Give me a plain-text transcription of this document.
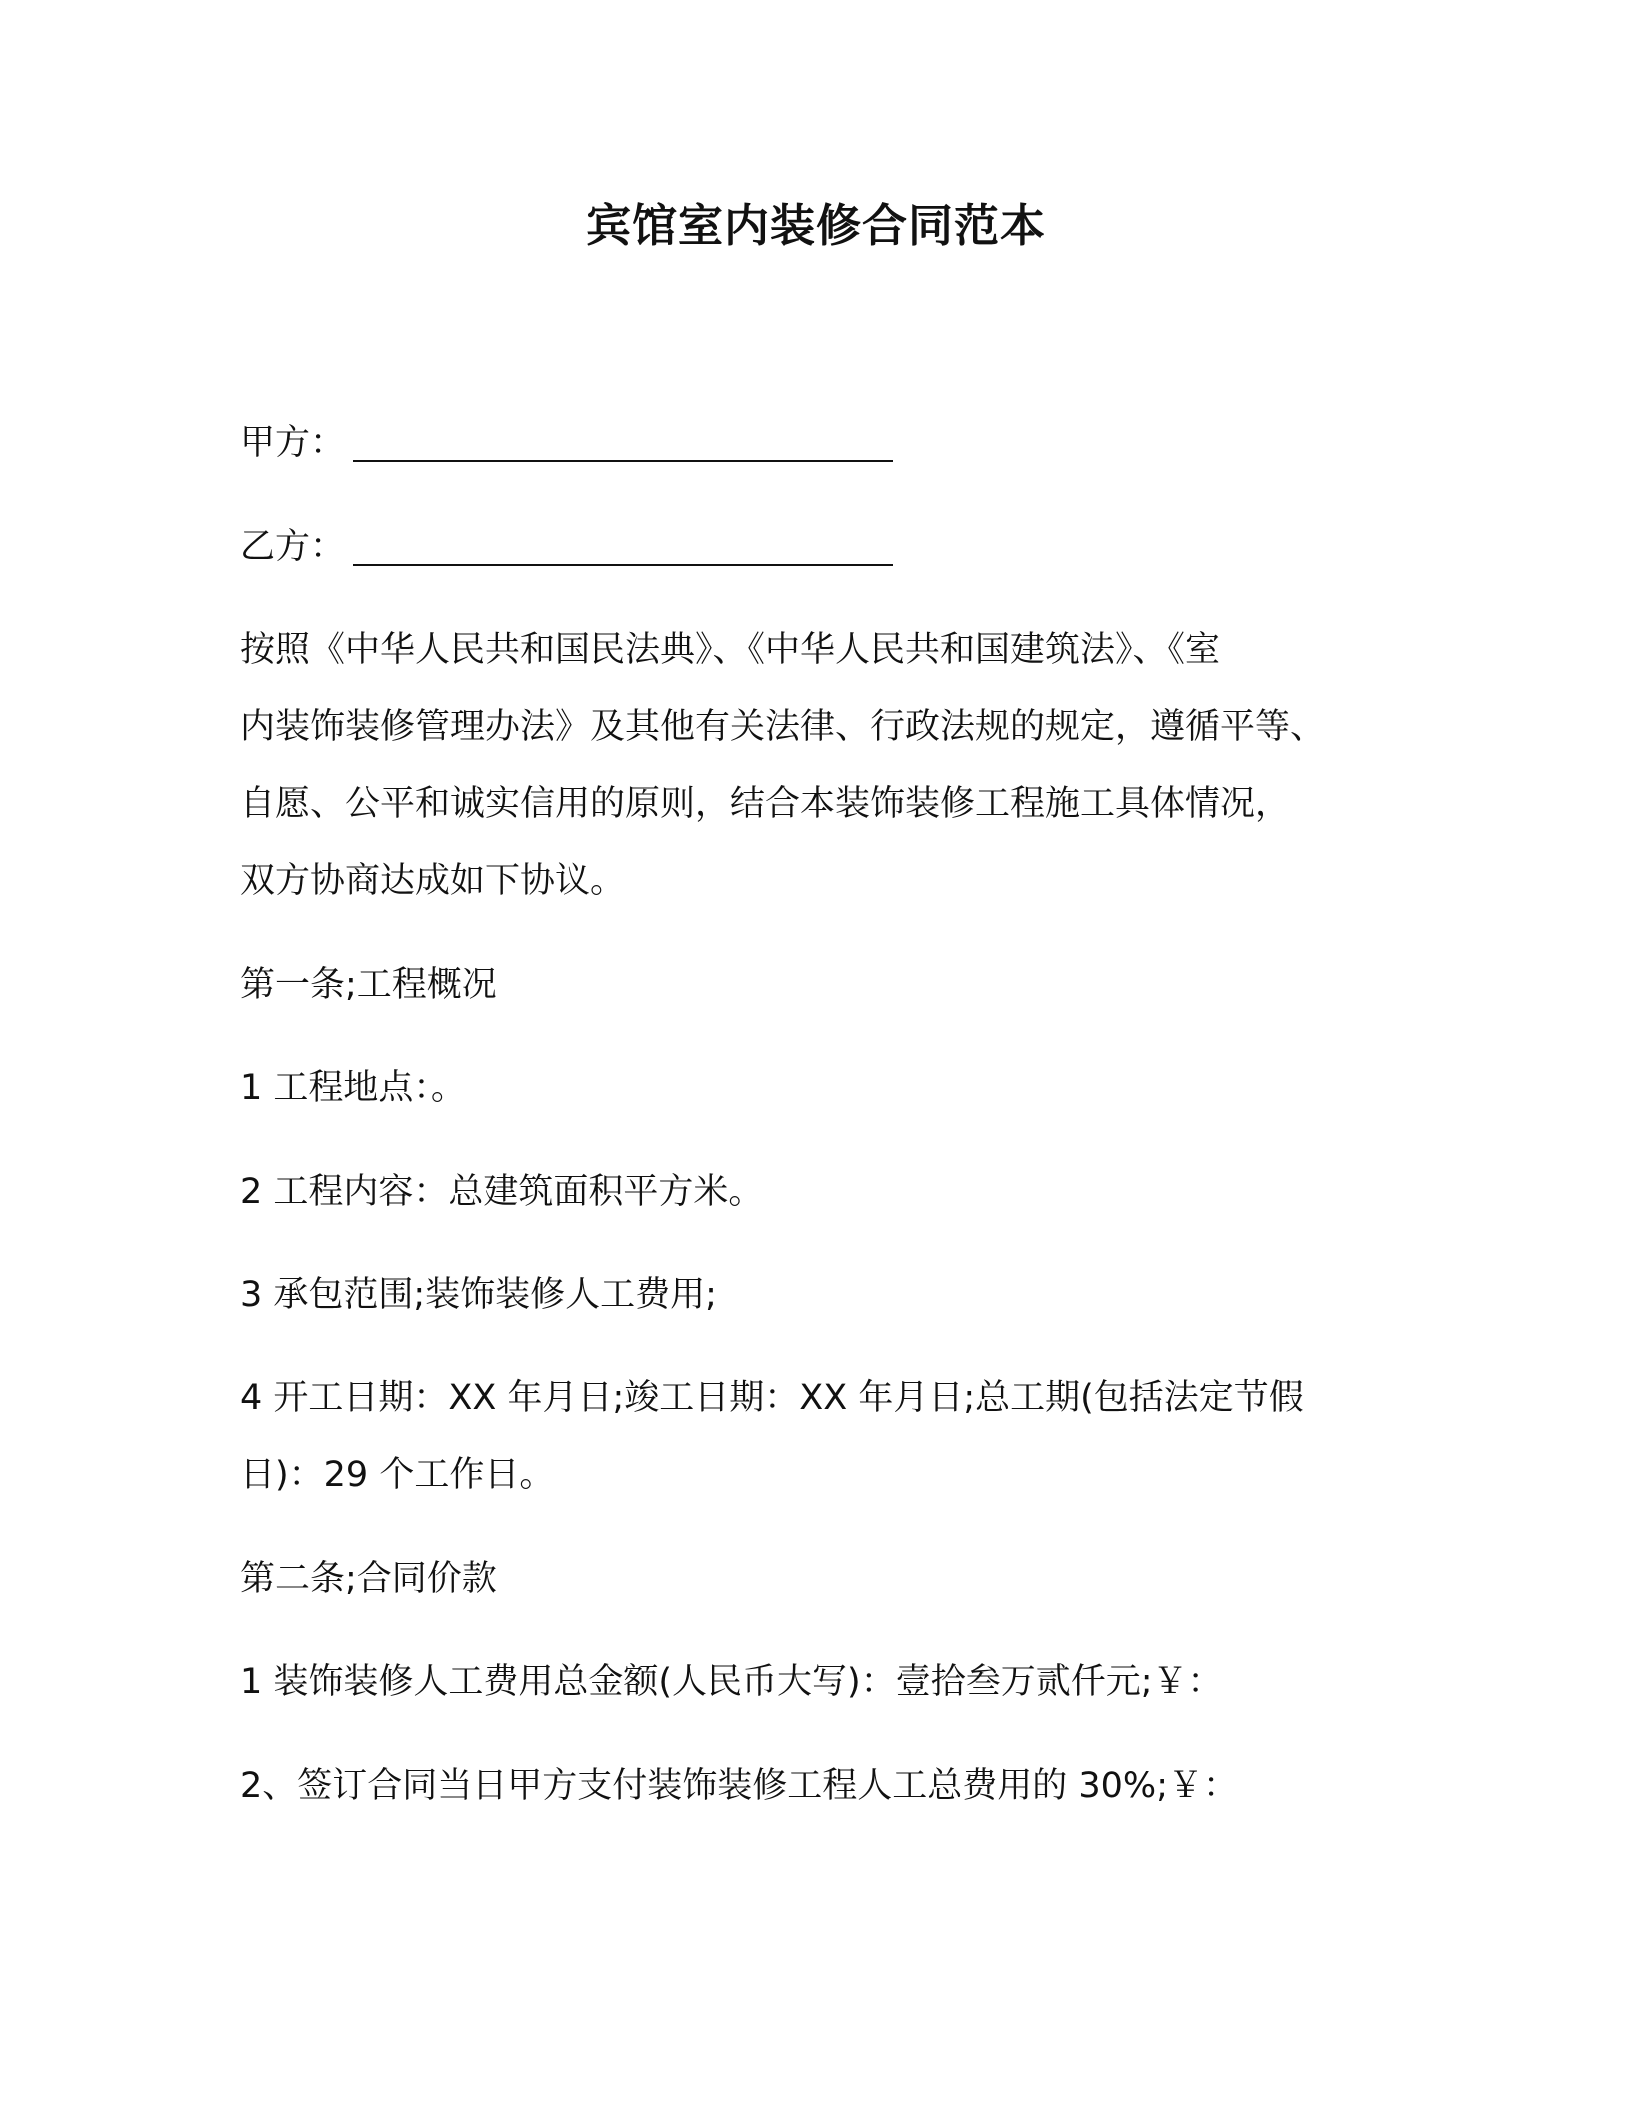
宾馆室内装修合同范本
甲方：
乙方：
按照《中华人民共和国民法典》、《中华人民共和国建筑法》、《室
内装饰装修管理办法》及其他有关法律、行政法规的规定，遵循平等、
自愿、公平和诚实信用的原则，结合本装饰装修工程施工具体情况，
双方协商达成如下协议。
第一条;工程概况
1 工程地点：。
2 工程内容：总建筑面积平方米。
3 承包范围;装饰装修人工费用;
4 开工日期：XX 年月日;竣工日期：XX 年月日;总工期(包括法定节假
日)：29 个工作日。
第二条;合同价款
1 装饰装修人工费用总金额(人民币大写)：壹拾叁万贰仟元;￥：
2、签订合同当日甲方支付装饰装修工程人工总费用的 30%;￥：
